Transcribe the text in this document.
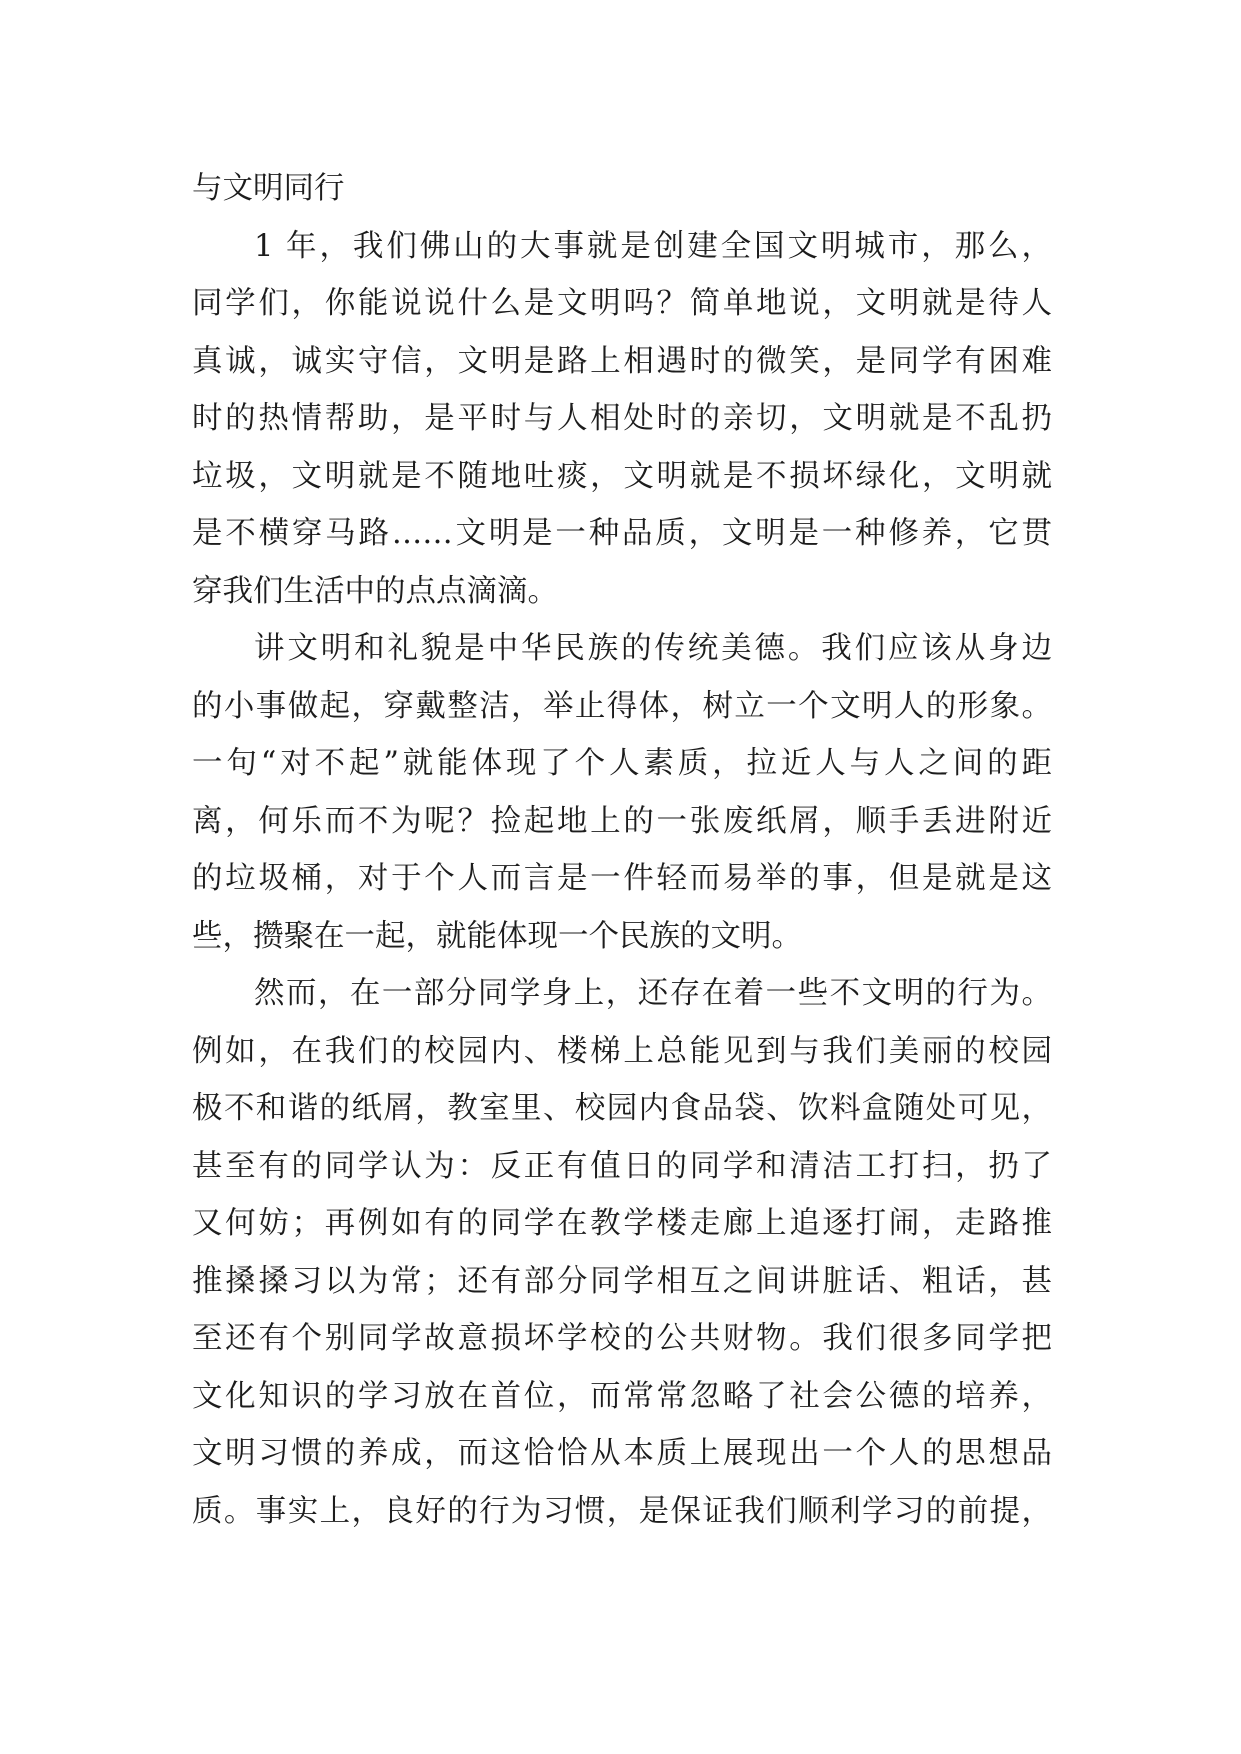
与文明同行
1 年，我们佛山的大事就是创建全国文明城市，那么，
同学们，你能说说什么是文明吗？简单地说，文明就是待人
真诚，诚实守信，文明是路上相遇时的微笑，是同学有困难
时的热情帮助，是平时与人相处时的亲切，文明就是不乱扔
垃圾，文明就是不随地吐痰，文明就是不损坏绿化，文明就
是不横穿马路……文明是一种品质，文明是一种修养，它贯
穿我们生活中的点点滴滴。
讲文明和礼貌是中华民族的传统美德。我们应该从身边
的小事做起，穿戴整洁，举止得体，树立一个文明人的形象。
一句“对不起”就能体现了个人素质，拉近人与人之间的距
离，何乐而不为呢？捡起地上的一张废纸屑，顺手丢进附近
的垃圾桶，对于个人而言是一件轻而易举的事，但是就是这
些，攒聚在一起，就能体现一个民族的文明。
然而，在一部分同学身上，还存在着一些不文明的行为。
例如，在我们的校园内、楼梯上总能见到与我们美丽的校园
极不和谐的纸屑，教室里、校园内食品袋、饮料盒随处可见，
甚至有的同学认为：反正有值日的同学和清洁工打扫，扔了
又何妨；再例如有的同学在教学楼走廊上追逐打闹，走路推
推搡搡习以为常；还有部分同学相互之间讲脏话、粗话，甚
至还有个别同学故意损坏学校的公共财物。我们很多同学把
文化知识的学习放在首位，而常常忽略了社会公德的培养，
文明习惯的养成，而这恰恰从本质上展现出一个人的思想品
质。事实上，良好的行为习惯，是保证我们顺利学习的前提，
